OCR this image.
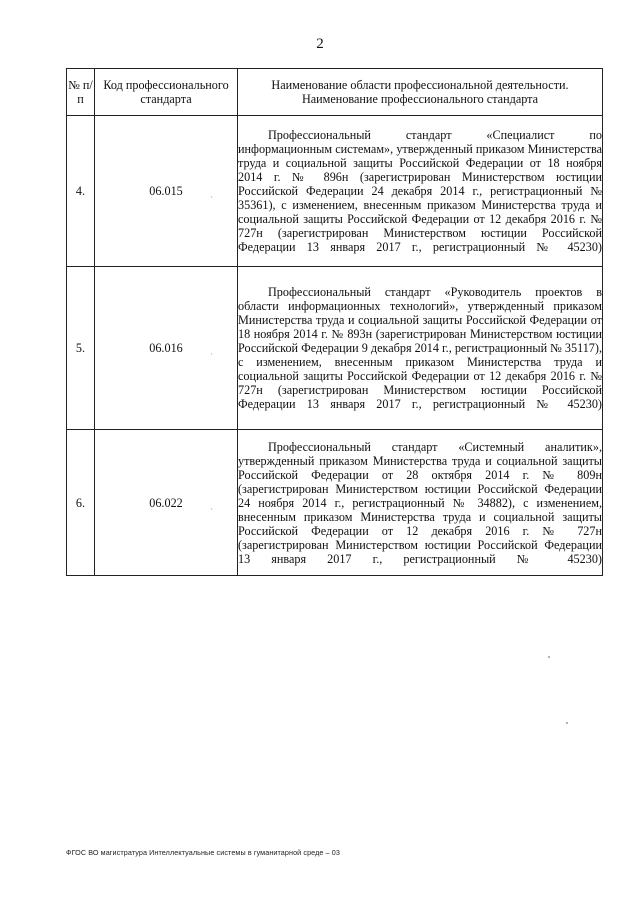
2
№ п/п	Код профессионального стандарта	Наименование области профессиональной деятельности.
Наименование профессионального стандарта

4.	06.015 ·	Профессиональный стандарт «Специалист по информационным системам», утвержденный приказом Министерства труда и социальной защиты Российской Федерации от 18 ноября 2014 г. № 896н (зарегистрирован Министерством юстиции Российской Федерации 24 декабря 2014 г., регистрационный № 35361), с изменением, внесенным приказом Министерства труда и социальной защиты Российской Федерации от 12 декабря 2016 г. № 727н (зарегистрирован Министерством юстиции Российской Федерации 13 января 2017 г., регистрационный № 45230)
5.	06.016 ·	Профессиональный стандарт «Руководитель проектов в области информационных технологий», утвержденный приказом Министерства труда и социальной защиты Российской Федерации от 18 ноября 2014 г. № 893н (зарегистрирован Министерством юстиции Российской Федерации 9 декабря 2014 г., регистрационный № 35117), с изменением, внесенным приказом Министерства труда и социальной защиты Российской Федерации от 12 декабря 2016 г. № 727н (зарегистрирован Министерством юстиции Российской Федерации 13 января 2017 г., регистрационный № 45230)
6.	06.022 ·	Профессиональный стандарт «Системный аналитик», утвержденный приказом Министерства труда и социальной защиты Российской Федерации от 28 октября 2014 г. № 809н (зарегистрирован Министерством юстиции Российской Федерации 24 ноября 2014 г., регистрационный № 34882), с изменением, внесенным приказом Министерства труда и социальной защиты Российской Федерации от 12 декабря 2016 г. № 727н (зарегистрирован Министерством юстиции Российской Федерации 13 января 2017 г., регистрационный № 45230)
ФГОС ВО магистратура Интеллектуальные системы в гуманитарной среде – 03
